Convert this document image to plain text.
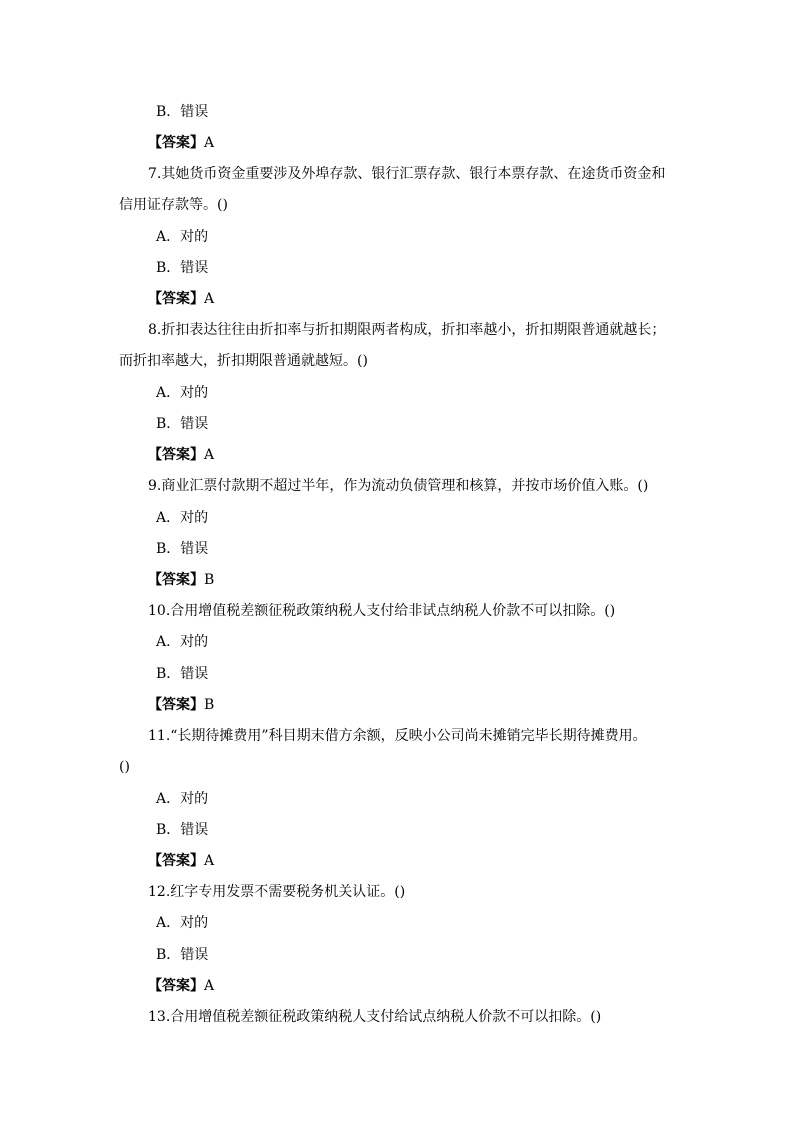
B．错误
【答案】A
7.其她货币资金重要涉及外埠存款、银行汇票存款、银行本票存款、在途货币资金和
信用证存款等。()
A．对的
B．错误
【答案】A
8.折扣表达往往由折扣率与折扣期限两者构成，折扣率越小，折扣期限普通就越长；
而折扣率越大，折扣期限普通就越短。()
A．对的
B．错误
【答案】A
9.商业汇票付款期不超过半年，作为流动负债管理和核算，并按市场价值入账。()
A．对的
B．错误
【答案】B
10.合用增值税差额征税政策纳税人支付给非试点纳税人价款不可以扣除。()
A．对的
B．错误
【答案】B
11.“长期待摊费用”科目期末借方余额，反映小公司尚未摊销完毕长期待摊费用。
()
A．对的
B．错误
【答案】A
12.红字专用发票不需要税务机关认证。()
A．对的
B．错误
【答案】A
13.合用增值税差额征税政策纳税人支付给试点纳税人价款不可以扣除。()
